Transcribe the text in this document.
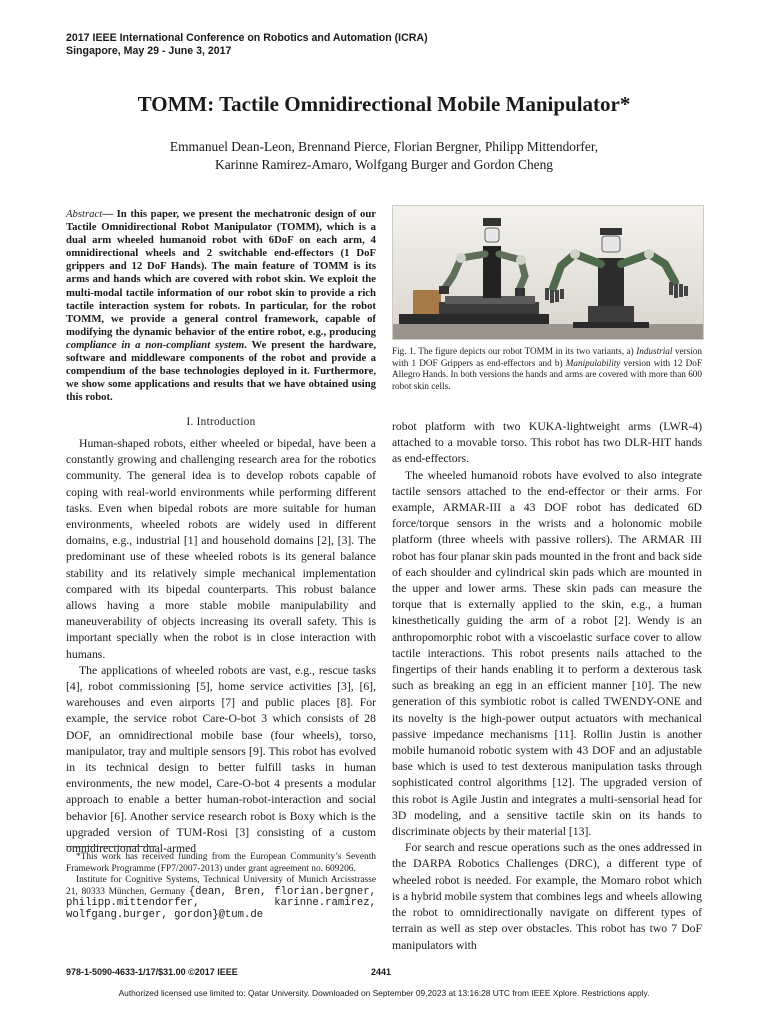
2017 IEEE International Conference on Robotics and Automation (ICRA)
Singapore, May 29 - June 3, 2017
TOMM: Tactile Omnidirectional Mobile Manipulator*
Emmanuel Dean-Leon, Brennand Pierce, Florian Bergner, Philipp Mittendorfer,
Karinne Ramirez-Amaro, Wolfgang Burger and Gordon Cheng
Abstract— In this paper, we present the mechatronic design of our Tactile Omnidirectional Robot Manipulator (TOMM), which is a dual arm wheeled humanoid robot with 6DoF on each arm, 4 omnidirectional wheels and 2 switchable end-effectors (1 DoF grippers and 12 DoF Hands). The main feature of TOMM is its arms and hands which are covered with robot skin. We exploit the multi-modal tactile information of our robot skin to provide a rich tactile interaction system for robots. In particular, for the robot TOMM, we provide a general control framework, capable of modifying the dynamic behavior of the entire robot, e.g., producing compliance in a non-compliant system. We present the hardware, software and middleware components of the robot and provide a compendium of the base technologies deployed in it. Furthermore, we show some applications and results that we have obtained using this robot.
Fig. 1. The figure depicts our robot TOMM in its two variants, a) Industrial version with 1 DOF Grippers as end-effectors and b) Manipulability version with 12 DoF Allegro Hands. In both versions the hands and arms are covered with more than 600 robot skin cells.
I. Introduction

Human-shaped robots, either wheeled or bipedal, have been a constantly growing and challenging research area for the robotics community. The general idea is to develop robots capable of coping with real-world environments while performing different tasks. Even when bipedal robots are more suitable for human environments, wheeled robots are widely used in different domains, e.g., industrial [1] and household domains [2], [3]. The predominant use of these wheeled robots is its general balance stability and its relatively simple mechanical implementation compared with its bipedal counterparts. This robust balance allows having a more stable mobile manipulability and maneuverability of objects increasing its overall safety. This is important specially when the robot is in close interaction with humans.

The applications of wheeled robots are vast, e.g., rescue tasks [4], robot commissioning [5], home service activities [3], [6], warehouses and even airports [7] and public places [8]. For example, the service robot Care-O-bot 3 which consists of 28 DOF, an omnidirectional mobile base (four wheels), torso, manipulator, tray and multiple sensors [9]. This robot has evolved in its technical design to better fulfill tasks in human environments, the new model, Care-O-bot 4 presents a modular approach to enable a better human-robot-interaction and social behavior [6]. Another service research robot is Boxy which is the upgraded version of TUM-Rosi [3] consisting of a custom omnidirectional dual-armed

robot platform with two KUKA-lightweight arms (LWR-4) attached to a movable torso. This robot has two DLR-HIT hands as end-effectors.

The wheeled humanoid robots have evolved to also integrate tactile sensors attached to the end-effector or their arms. For example, ARMAR-III a 43 DOF robot has dedicated 6D force/torque sensors in the wrists and a holonomic mobile platform (three wheels with passive rollers). The ARMAR III robot has four planar skin pads mounted in the front and back side of each shoulder and cylindrical skin pads which are mounted in the upper and lower arms. These skin pads can measure the torque that is externally applied to the skin, e.g., a human kinesthetically guiding the arm of a robot [2]. Wendy is an anthropomorphic robot with a viscoelastic surface cover to allow tactile interactions. This robot presents nails attached to the fingertips of their hands enabling it to perform a dexterous task such as breaking an egg in an efficient manner [10]. The new generation of this symbiotic robot is called TWENDY-ONE and its novelty is the high-power output actuators with mechanical passive impedance mechanisms [11]. Rollin Justin is another mobile humanoid robotic system with 43 DOF and an adjustable base which is used to test dexterous manipulation tasks through sophisticated control algorithms [12]. The upgraded version of this robot is Agile Justin and integrates a multi-sensorial head for 3D modeling, and a sensitive tactile skin on its hands to discriminate objects by their material [13].

For search and rescue operations such as the ones addressed in the DARPA Robotics Challenges (DRC), a different type of wheeled robot is needed. For example, the Momaro robot which is a hybrid mobile system that combines legs and wheels allowing the robot to omnidirectionally navigate on different types of terrain as well as step over obstacles. This robot has two 7 DoF manipulators with

*This work has received funding from the European Community’s Seventh Framework Programme (FP7/2007-2013) under grant agreement no. 609206.

Institute for Cognitive Systems, Technical University of Munich Arcisstrasse 21, 80333 München, Germany {dean, Bren, florian.bergner, philipp.mittendorfer, karinne.ramirez, wolfgang.burger, gordon}@tum.de

978-1-5090-4633-1/17/$31.00 ©2017 IEEE	2441
Authorized licensed use limited to: Qatar University. Downloaded on September 09,2023 at 13:16:28 UTC from IEEE Xplore. Restrictions apply.
